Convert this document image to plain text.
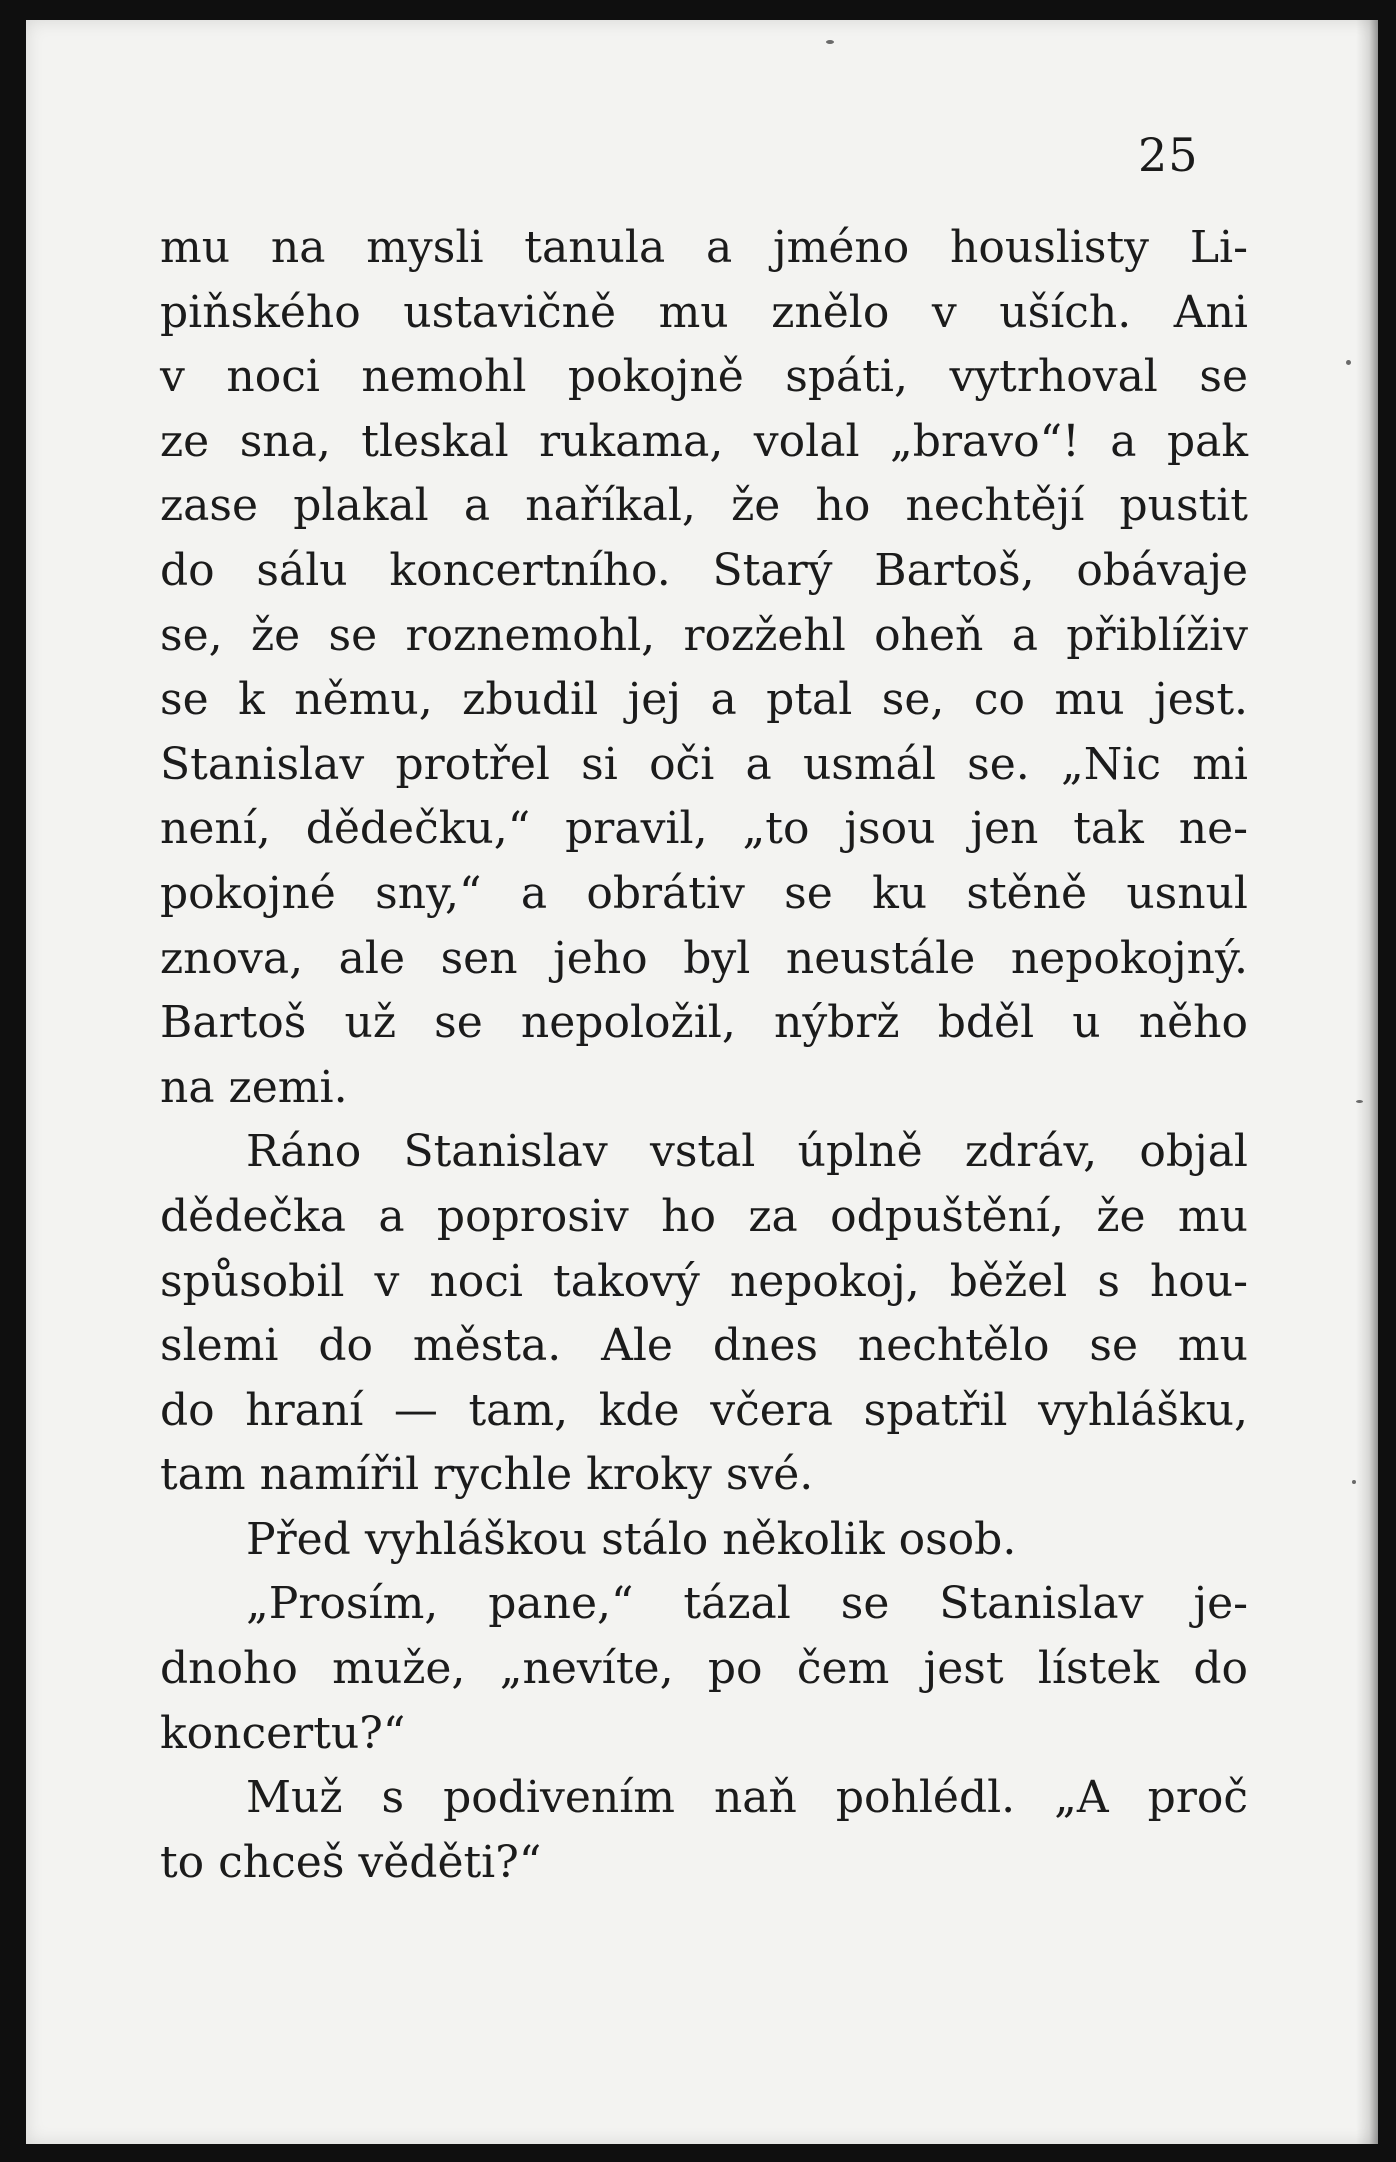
25
mu na mysli tanula a jméno houslisty Li-
piňského ustavičně mu znělo v uších. Ani
v noci nemohl pokojně spáti, vytrhoval se
ze sna, tleskal rukama, volal „bravo“! a pak
zase plakal a naříkal, že ho nechtějí pustit
do sálu koncertního. Starý Bartoš, obávaje
se, že se roznemohl, rozžehl oheň a přiblíživ
se k němu, zbudil jej a ptal se, co mu jest.
Stanislav protřel si oči a usmál se. „Nic mi
není, dědečku,“ pravil, „to jsou jen tak ne-
pokojné sny,“ a obrátiv se ku stěně usnul
znova, ale sen jeho byl neustále nepokojný.
Bartoš už se nepoložil, nýbrž bděl u něho
na zemi.
Ráno Stanislav vstal úplně zdráv, objal
dědečka a poprosiv ho za odpuštění, že mu
spůsobil v noci takový nepokoj, běžel s hou-
slemi do města. Ale dnes nechtělo se mu
do hraní — tam, kde včera spatřil vyhlášku,
tam namířil rychle kroky své.
Před vyhláškou stálo několik osob.
„Prosím, pane,“ tázal se Stanislav je-
dnoho muže, „nevíte, po čem jest lístek do
koncertu?“
Muž s podivením naň pohlédl. „A proč
to chceš věděti?“
